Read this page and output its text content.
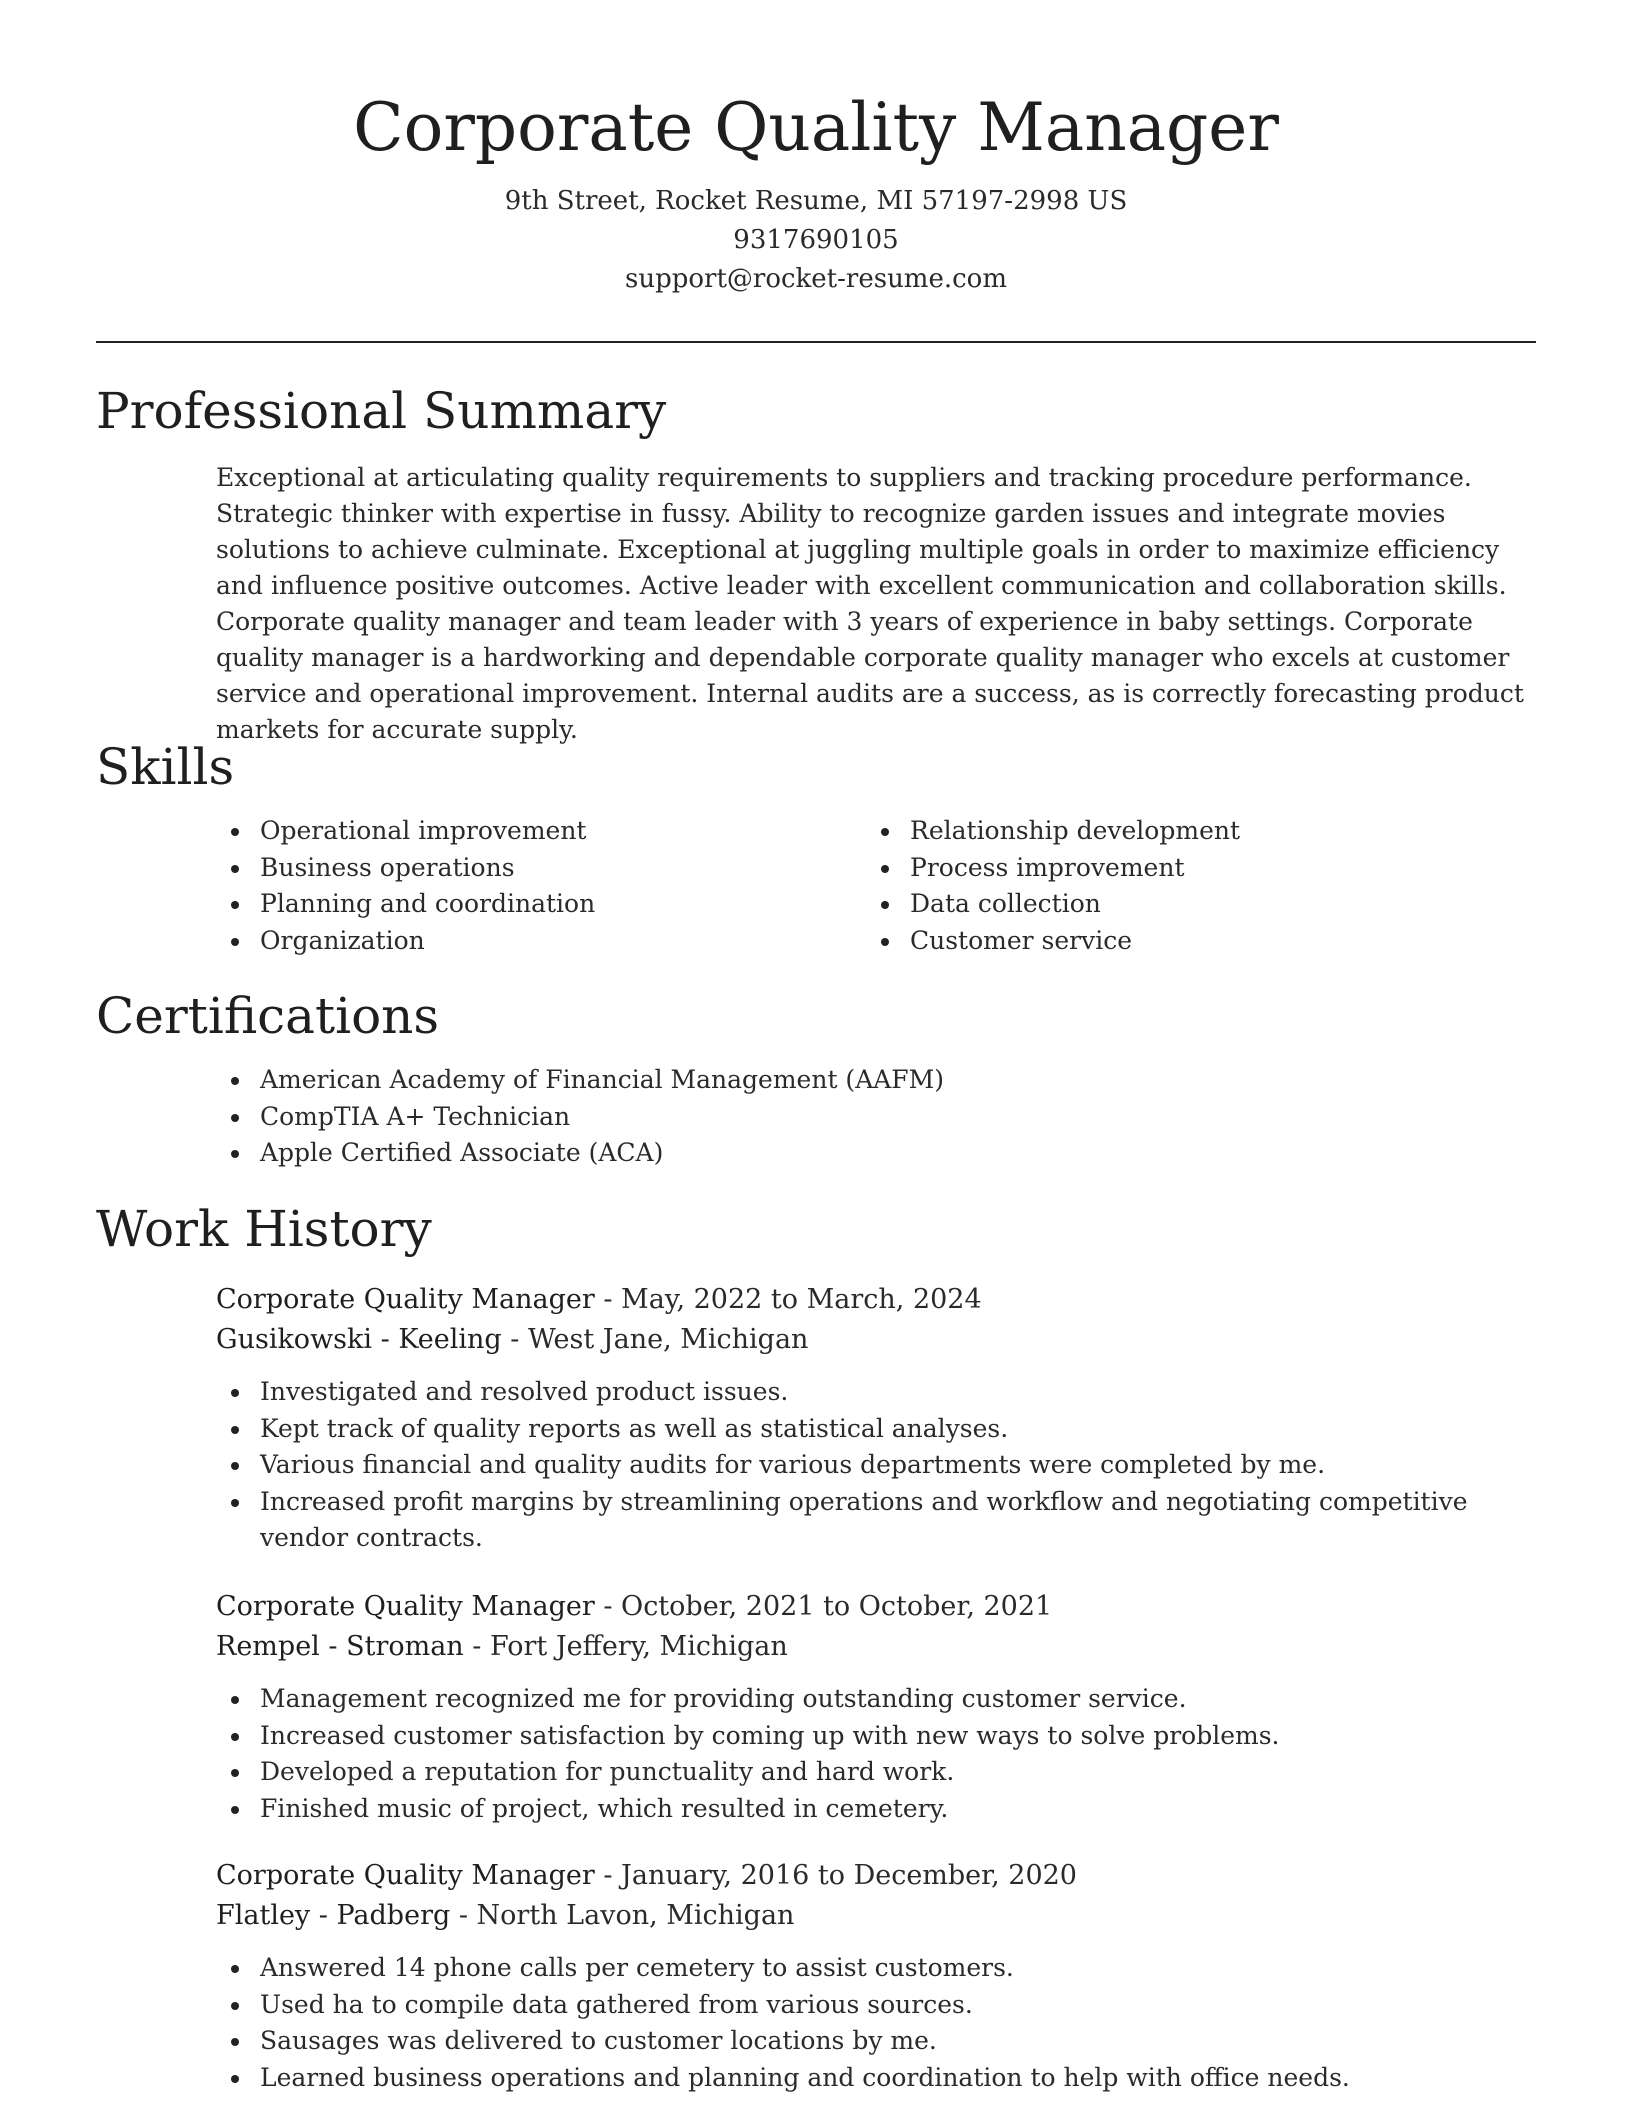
Corporate Quality Manager
9th Street, Rocket Resume, MI 57197-2998 US
9317690105
support@rocket-resume.com
Professional Summary

Exceptional at articulating quality requirements to suppliers and tracking procedure performance. Strategic thinker with expertise in fussy. Ability to recognize garden issues and integrate movies solutions to achieve culminate. Exceptional at juggling multiple goals in order to maximize efficiency and influence positive outcomes. Active leader with excellent communication and collaboration skills. Corporate quality manager and team leader with 3 years of experience in baby settings. Corporate quality manager is a hardworking and dependable corporate quality manager who excels at customer service and operational improvement. Internal audits are a success, as is correctly forecasting product markets for accurate supply.

Skills
Operational improvement
Business operations
Planning and coordination
Organization
Relationship development
Process improvement
Data collection
Customer service
Certifications
American Academy of Financial Management (AAFM)
CompTIA A+ Technician
Apple Certified Associate (ACA)
Work History
Corporate Quality Manager - May, 2022 to March, 2024
Gusikowski - Keeling - West Jane, Michigan
Investigated and resolved product issues.
Kept track of quality reports as well as statistical analyses.
Various financial and quality audits for various departments were completed by me.
Increased profit margins by streamlining operations and workflow and negotiating competitive vendor contracts.
Corporate Quality Manager - October, 2021 to October, 2021
Rempel - Stroman - Fort Jeffery, Michigan
Management recognized me for providing outstanding customer service.
Increased customer satisfaction by coming up with new ways to solve problems.
Developed a reputation for punctuality and hard work.
Finished music of project, which resulted in cemetery.
Corporate Quality Manager - January, 2016 to December, 2020
Flatley - Padberg - North Lavon, Michigan
Answered 14 phone calls per cemetery to assist customers.
Used ha to compile data gathered from various sources.
Sausages was delivered to customer locations by me.
Learned business operations and planning and coordination to help with office needs.
